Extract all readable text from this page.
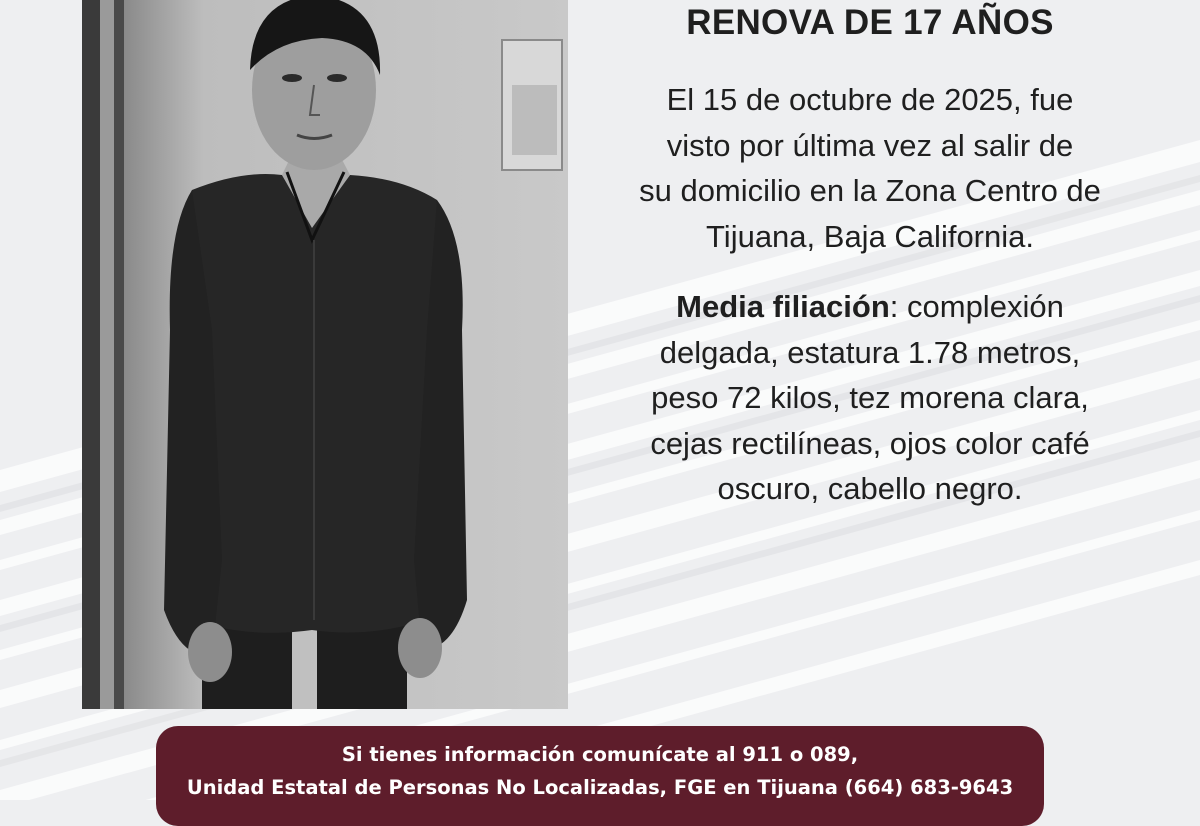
RENOVA DE 17 AÑOS
El 15 de octubre de 2025, fue
visto por última vez al salir de
su domicilio en la Zona Centro de
Tijuana, Baja California.
Media filiación: complexión
delgada, estatura 1.78 metros,
peso 72 kilos, tez morena clara,
cejas rectilíneas, ojos color café
oscuro, cabello negro.
Si tienes información comunícate al 911 o 089,
Unidad Estatal de Personas No Localizadas, FGE en Tijuana (664) 683-9643
